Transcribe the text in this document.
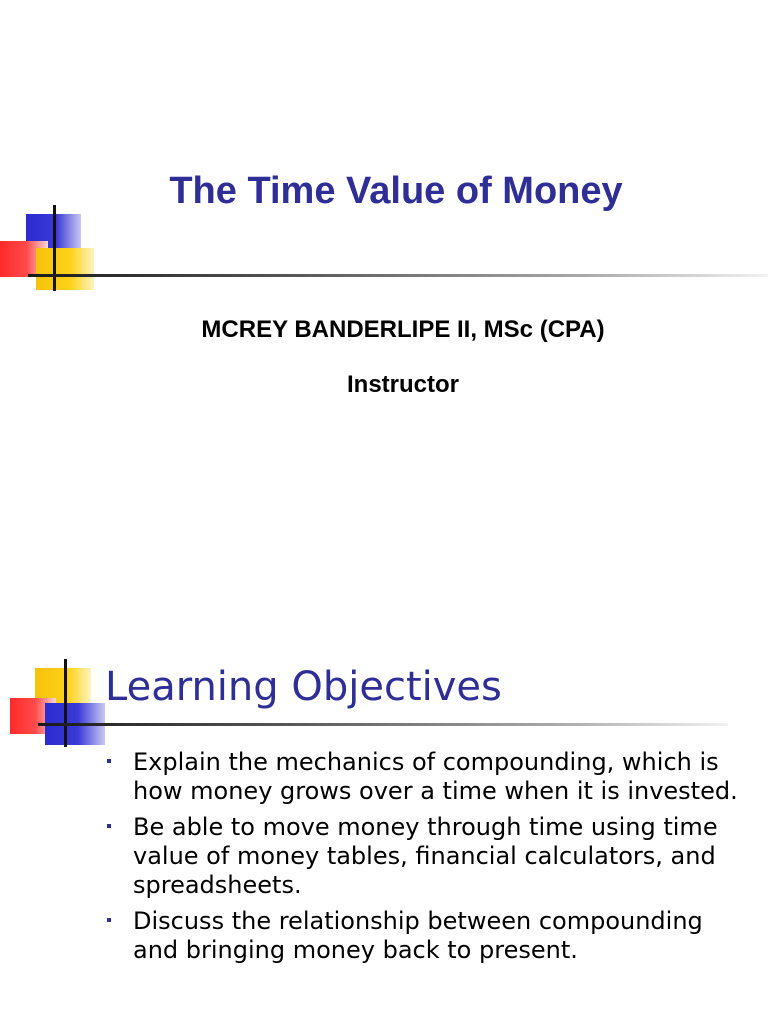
The Time Value of Money

MCREY BANDERLIPE II, MSc (CPA)

Instructor

Learning Objectives
Explain the mechanics of compounding, which is how money grows over a time when it is invested.
Be able to move money through time using time value of money tables, financial calculators, and spreadsheets.
Discuss the relationship between compounding and bringing money back to present.
